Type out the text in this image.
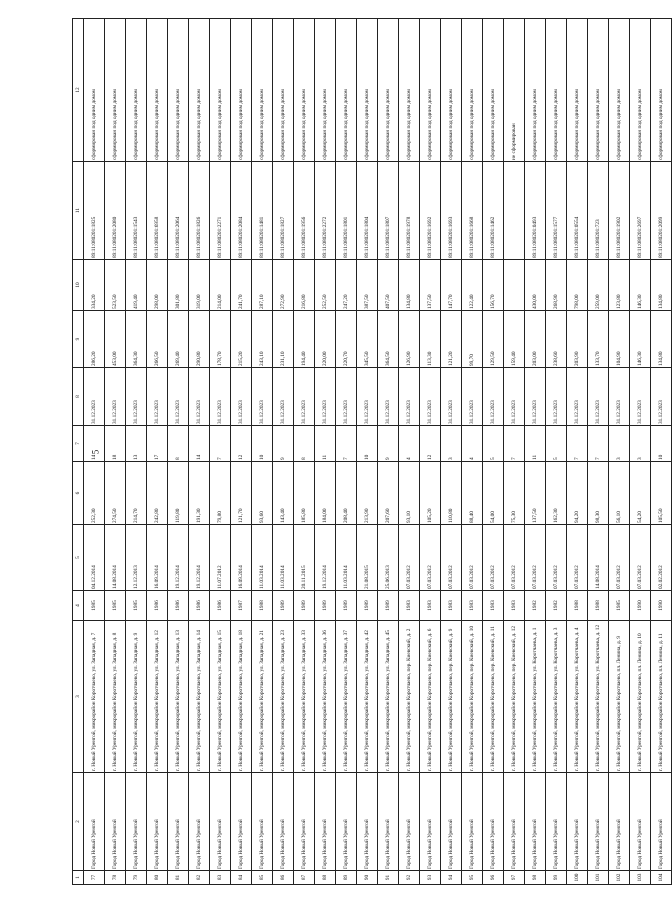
5
1	2	3	4	5	6	7	8	9	10	11	12
77	Город Новый Уренгой	г. Новый Уренгой, микрорайон Коротчаево, ул. Западная, д. 7	1985	04.12.2014	252,30	14	31.12.2023	286,20	334,20	89:11:080201:1825	сформирован под одним домом
78	Город Новый Уренгой	г. Новый Уренгой, микрорайон Коротчаево, ул. Западная, д. 8	1985	14.08.2014	274,50	18	31.12.2023	453,00	523,50	89:11:080201:2080	сформирован под одним домом
79	Город Новый Уренгой	г. Новый Уренгой, микрорайон Коротчаево, ул. Западная, д. 9	1985	12.12.2013	214,70	13	31.12.2023	364,30	419,40	89:11:080201:1543	сформирован под одним домом
80	Город Новый Уренгой	г. Новый Уренгой, микрорайон Коротчаево, ул. Западная, д. 12	1986	16.09.2014	242,80	17	31.12.2023	266,50	298,00	89:11:080201:6958	сформирован под одним домом
81	Город Новый Уренгой	г. Новый Уренгой, микрорайон Коротчаево, ул. Западная, д. 13	1986	19.12.2014	119,80	8	31.12.2023	269,40	301,80	89:11:080201:2064	сформирован под одним домом
82	Город Новый Уренгой	г. Новый Уренгой, микрорайон Коротчаево, ул. Западная, д. 14	1986	19.12.2014	191,30	14	31.12.2023	290,80	319,00	89:11:080201:1826	сформирован под одним домом
83	Город Новый Уренгой	г. Новый Уренгой, микрорайон Коротчаево, ул. Западная, д. 15	1986	11.07.2012	79,80	7	31.12.2023	178,70	214,00	89:11:080201:2271	сформирован под одним домом
84	Город Новый Уренгой	г. Новый Уренгой, микрорайон Коротчаево, ул. Западная, д. 18	1987	16.09.2014	121,70	12	31.12.2023	215,20	241,70	89:11:080201:2084	сформирован под одним домом
85	Город Новый Уренгой	г. Новый Уренгой, микрорайон Коротчаево, ул. Западная, д. 21	1988	11.03.2014	93,60	10	31.12.2023	243,10	287,10	89:11:080201:1481	сформирован под одним домом
86	Город Новый Уренгой	г. Новый Уренгой, микрорайон Коротчаево, ул. Западная, д. 23	1989	11.03.2014	143,40	9	31.12.2023	231,10	272,90	89:11:080201:1827	сформирован под одним домом
87	Город Новый Уренгой	г. Новый Уренгой, микрорайон Коротчаево, ул. Западная, д. 33	1989	20.11.2015	185,80	8	31.12.2023	194,40	216,80	89:11:080201:1956	сформирован под одним домом
88	Город Новый Уренгой	г. Новый Уренгой, микрорайон Коротчаево, ул. Западная, д. 36	1989	19.12.2014	184,00	11	31.12.2023	220,00	252,50	89:11:080201:2272	сформирован под одним домом
89	Город Новый Уренгой	г. Новый Уренгой, микрорайон Коротчаево, ул. Западная, д. 37	1989	11.03.2014	208,40	7	31.12.2023	220,70	247,20	89:11:080201:1801	сформирован под одним домом
90	Город Новый Уренгой	г. Новый Уренгой, микрорайон Коротчаево, ул. Западная, д. 42	1989	21.08.2015	213,90	10	31.12.2023	345,50	387,50	89:11:080201:1804	сформирован под одним домом
91	Город Новый Уренгой	г. Новый Уренгой, микрорайон Коротчаево, ул. Западная, д. 45	1989	25.06.2013	207,60	9	31.12.2023	364,50	407,50	89:11:080201:1807	сформирован под одним домом
92	Город Новый Уренгой	г. Новый Уренгой, микрорайон Коротчаево, пер. Киевский, д. 2	1983	07.03.2012	93,10	4	31.12.2023	126,90	134,80	89:11:080201:1978	сформирован под одним домом
93	Город Новый Уренгой	г. Новый Уренгой, микрорайон Коротчаево, пер. Киевский, д. 6	1983	07.03.2012	105,20	12	31.12.2023	113,30	137,50	89:11:080201:1692	сформирован под одним домом
94	Город Новый Уренгой	г. Новый Уренгой, микрорайон Коротчаево, пер. Киевский, д. 9	1983	07.03.2012	110,80	3	31.12.2023	121,20	147,70	89:11:080201:1693	сформирован под одним домом
95	Город Новый Уренгой	г. Новый Уренгой, микрорайон Коротчаево, пер. Киевский, д. 10	1983	07.03.2012	88,40	4	31.12.2023	99,70	122,40	89:11:080201:1668	сформирован под одним домом
96	Город Новый Уренгой	г. Новый Уренгой, микрорайон Коротчаево, пер. Киевский, д. 11	1983	07.03.2012	54,00	5	31.12.2023	129,50	156,70	89:11:080201:1462	сформирован под одним домом
97	Город Новый Уренгой	г. Новый Уренгой, микрорайон Коротчаево, пер. Киевский, д. 12	1983	07.03.2012	75,30	7	31.12.2023	159,40			не сформирован
98	Город Новый Уренгой	г. Новый Уренгой, микрорайон Коротчаево, ул. Коротчаева, д. 1	1982	07.03.2012	137,50	11	31.12.2023	203,00	430,00	89:11:080201:0493	сформирован под одним домом
99	Город Новый Уренгой	г. Новый Уренгой, микрорайон Коротчаево, ул. Коротчаева, д. 3	1982	07.03.2012	162,30	5	31.12.2023	238,60	268,90	89:11:080201:1577	сформирован под одним домом
100	Город Новый Уренгой	г. Новый Уренгой, микрорайон Коротчаево, ул. Коротчаева, д. 4	1988	07.03.2012	94,20	7	31.12.2023	203,90	798,00	89:11:080201:0554	сформирован под одним домом
101	Город Новый Уренгой	г. Новый Уренгой, микрорайон Коротчаево, ул. Коротчаева, д. 12	1988	14.08.2014	98,30	7	31.12.2023	133,70	259,00	89:11:080201:723	сформирован под одним домом
102	Город Новый Уренгой	г. Новый Уренгой, микрорайон Коротчаево, пл. Ленина, д. 9	1985	07.03.2012	56,10	3	31.12.2023	104,90	123,80	89:11:080201:1902	сформирован под одним домом
103	Город Новый Уренгой	г. Новый Уренгой, микрорайон Коротчаево, пл. Ленина, д. 10	1990	07.03.2012	54,20	3	31.12.2023	146,30	146,30	89:11:080201:2697	сформирован под одним домом
104	Город Новый Уренгой	г. Новый Уренгой, микрорайон Коротчаево, пл. Ленина, д. 11	1990	02.02.2012	105,50	10	31.12.2023	134,80	134,80	89:11:080201:2099	сформирован под одним домом
